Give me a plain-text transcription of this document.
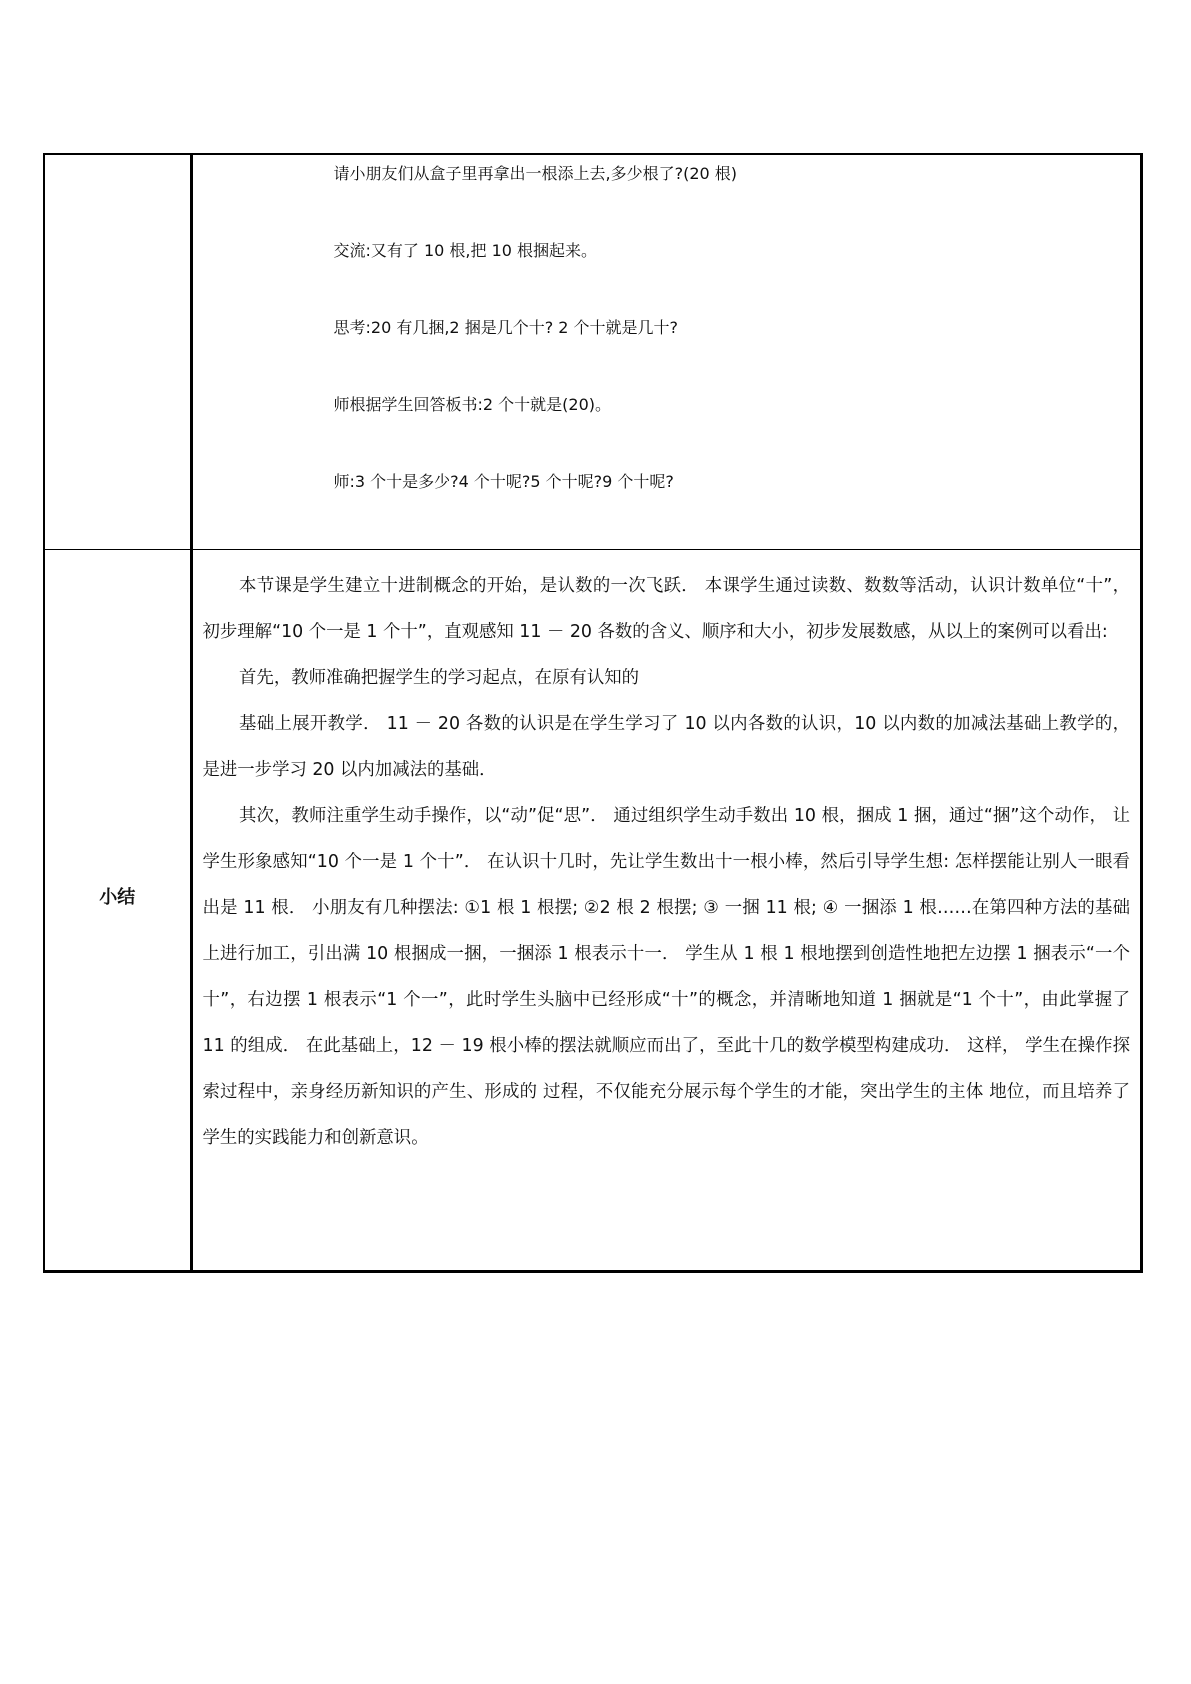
	请小朋友们从盒子里再拿出一根添上去,多少根了?(20 根)

交流:又有了 10 根,把 10 根捆起来。

思考:20 有几捆,2 捆是几个十? 2 个十就是几十?

师根据学生回答板书:2 个十就是(20)。

师:3 个十是多少?4 个十呢?5 个十呢?9 个十呢?

小结	本节课是学生建立十进制概念的开始，是认数的一次飞跃． 本课学生通过读数、数数等活动，认识计数单位“十”，初步理解“10 个一是 1 个十”，直观感知 11 － 20 各数的含义、顺序和大小，初步发展数感，从以上的案例可以看出:

首先，教师准确把握学生的学习起点，在原有认知的

基础上展开教学． 11 － 20 各数的认识是在学生学习了 10 以内各数的认识，10 以内数的加减法基础上教学的，是进一步学习 20 以内加减法的基础．

其次，教师注重学生动手操作，以“动”促“思”． 通过组织学生动手数出 10 根，捆成 1 捆，通过“捆”这个动作， 让学生形象感知“10 个一是 1 个十”． 在认识十几时，先让学生数出十一根小棒，然后引导学生想: 怎样摆能让别人一眼看出是 11 根． 小朋友有几种摆法: ①1 根 1 根摆; ②2 根 2 根摆; ③ 一捆 11 根; ④ 一捆添 1 根……在第四种方法的基础上进行加工，引出满 10 根捆成一捆，一捆添 1 根表示十一． 学生从 1 根 1 根地摆到创造性地把左边摆 1 捆表示“一个十”，右边摆 1 根表示“1 个一”，此时学生头脑中已经形成“十”的概念，并清晰地知道 1 捆就是“1 个十”，由此掌握了 11 的组成． 在此基础上，12 － 19 根小棒的摆法就顺应而出了，至此十几的数学模型构建成功． 这样， 学生在操作探索过程中，亲身经历新知识的产生、形成的 过程，不仅能充分展示每个学生的才能，突出学生的主体 地位，而且培养了学生的实践能力和创新意识。
